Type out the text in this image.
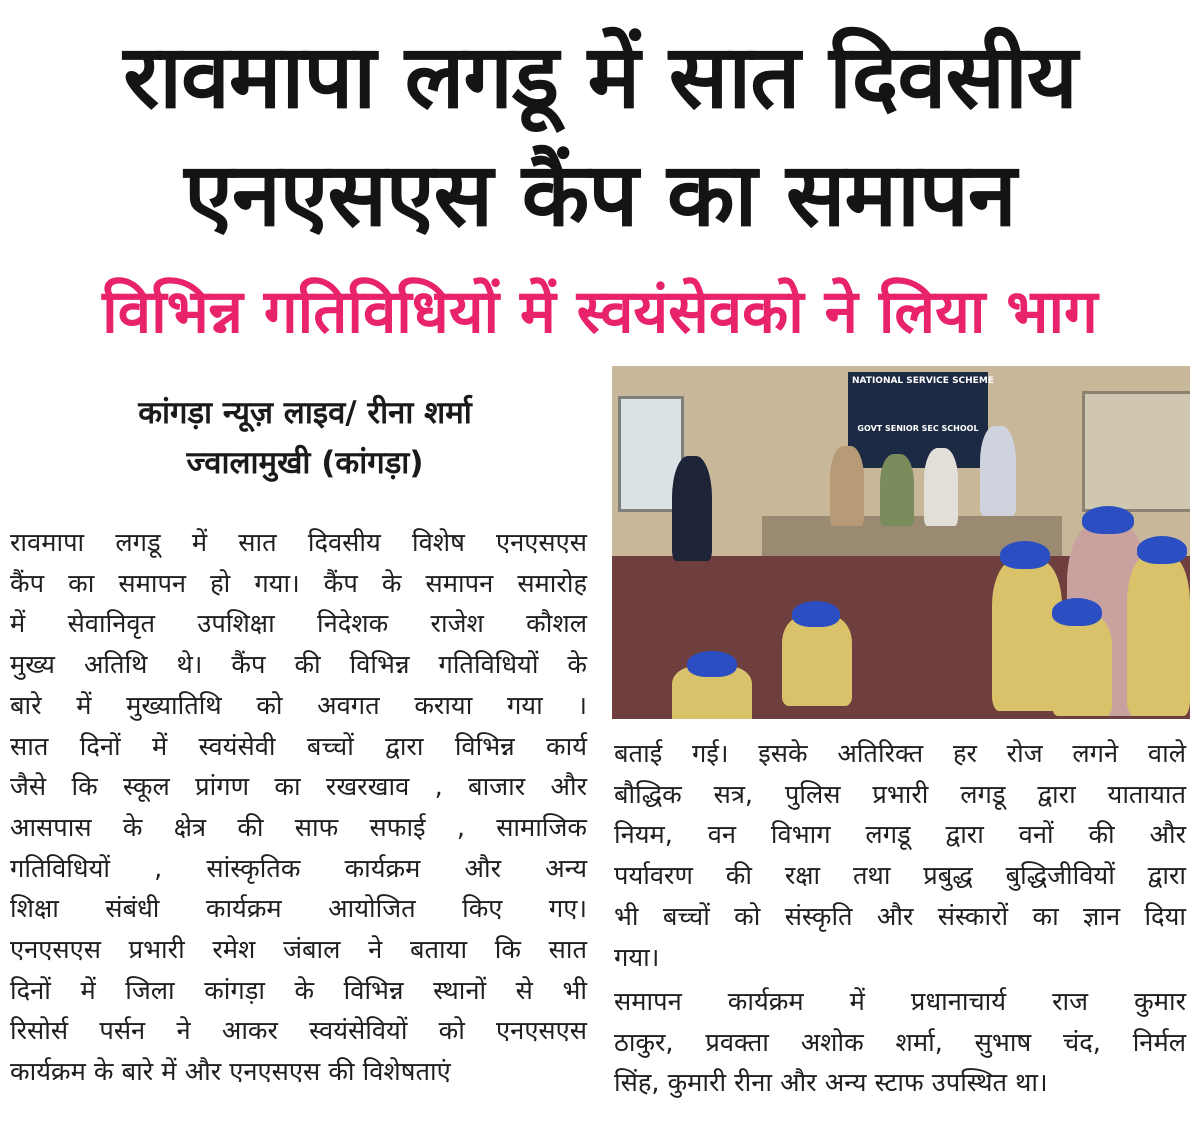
रावमापा लगडू में सात दिवसीय
एनएसएस कैंप का समापन
विभिन्न गतिविधियों में स्वयंसेवको ने लिया भाग
कांगड़ा न्यूज़ लाइव/ रीना शर्मा
ज्वालामुखी (कांगड़ा)
NATIONAL SERVICE SCHEME
GOVT SENIOR SEC SCHOOL
रावमापा लगडू में सात दिवसीय विशेष एनएसएस
कैंप का समापन हो गया। कैंप के समापन समारोह
में सेवानिवृत उपशिक्षा निदेशक राजेश कौशल
मुख्य अतिथि थे। कैंप की विभिन्न गतिविधियों के
बारे में मुख्यातिथि को अवगत कराया गया ।
सात दिनों में स्वयंसेवी बच्चों द्वारा विभिन्न कार्य
जैसे कि स्कूल प्रांगण का रखरखाव , बाजार और
आसपास के क्षेत्र की साफ सफाई , सामाजिक
गतिविधियों , सांस्कृतिक कार्यक्रम और अन्य
शिक्षा संबंधी कार्यक्रम आयोजित किए गए।
एनएसएस प्रभारी रमेश जंबाल ने बताया कि सात
दिनों में जिला कांगड़ा के विभिन्न स्थानों से भी
रिसोर्स पर्सन ने आकर स्वयंसेवियों को एनएसएस
कार्यक्रम के बारे में और एनएसएस की विशेषताएं
बताई गई। इसके अतिरिक्त हर रोज लगने वाले
बौद्धिक सत्र, पुलिस प्रभारी लगडू द्वारा यातायात
नियम, वन विभाग लगडू द्वारा वनों की और
पर्यावरण की रक्षा तथा प्रबुद्ध बुद्धिजीवियों द्वारा
भी बच्चों को संस्कृति और संस्कारों का ज्ञान दिया
गया।
समापन कार्यक्रम में प्रधानाचार्य राज कुमार
ठाकुर, प्रवक्ता अशोक शर्मा, सुभाष चंद, निर्मल
सिंह, कुमारी रीना और अन्य स्टाफ उपस्थित था।
